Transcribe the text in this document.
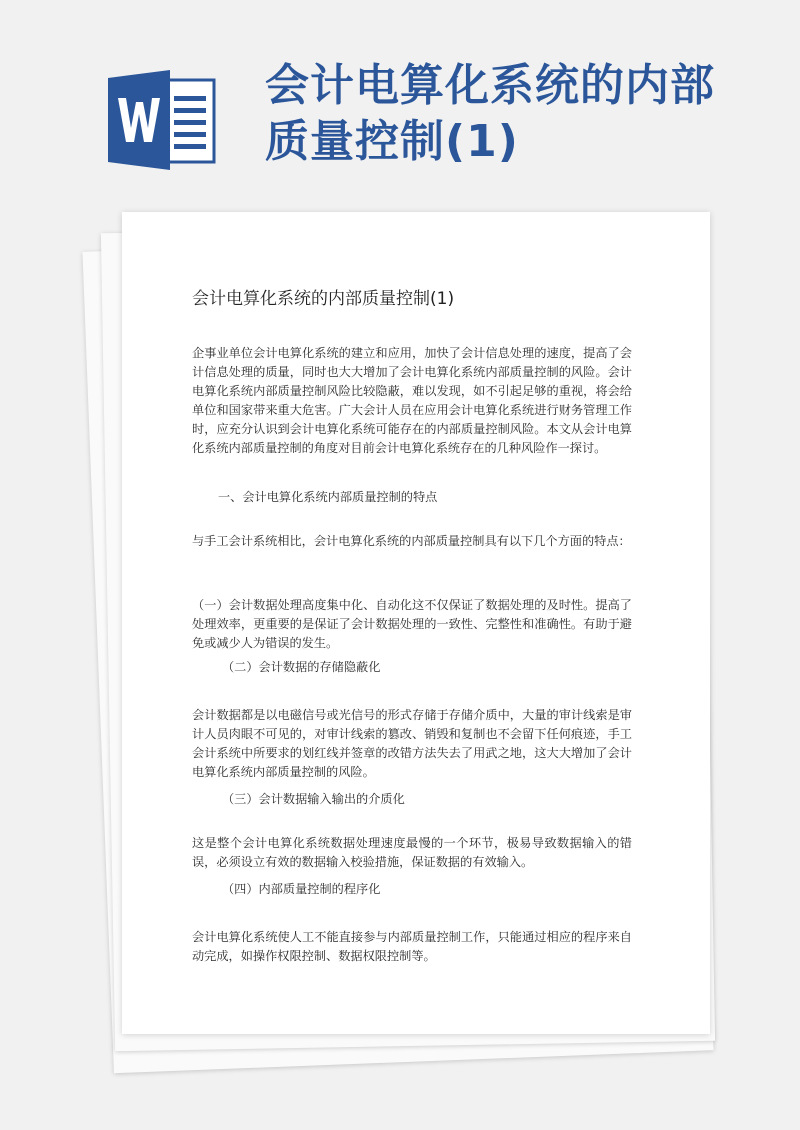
会计电算化系统的内部
质量控制(1)
会计电算化系统的内部质量控制(1)

企事业单位会计电算化系统的建立和应用，加快了会计信息处理的速度，提高了会计信息处理的质量，同时也大大增加了会计电算化系统内部质量控制的风险。会计电算化系统内部质量控制风险比较隐蔽，难以发现，如不引起足够的重视，将会给单位和国家带来重大危害。广大会计人员在应用会计电算化系统进行财务管理工作时，应充分认识到会计电算化系统可能存在的内部质量控制风险。本文从会计电算化系统内部质量控制的角度对目前会计电算化系统存在的几种风险作一探讨。

一、会计电算化系统内部质量控制的特点

与手工会计系统相比，会计电算化系统的内部质量控制具有以下几个方面的特点：

（一）会计数据处理高度集中化、自动化这不仅保证了数据处理的及时性。提高了处理效率，更重要的是保证了会计数据处理的一致性、完整性和准确性。有助于避免或减少人为错误的发生。

（二）会计数据的存储隐蔽化

会计数据都是以电磁信号或光信号的形式存储于存储介质中，大量的审计线索是审计人员肉眼不可见的，对审计线索的篡改、销毁和复制也不会留下任何痕迹，手工会计系统中所要求的划红线并签章的改错方法失去了用武之地，这大大增加了会计电算化系统内部质量控制的风险。

（三）会计数据输入输出的介质化

这是整个会计电算化系统数据处理速度最慢的一个环节，极易导致数据输入的错误，必须设立有效的数据输入校验措施，保证数据的有效输入。

（四）内部质量控制的程序化

会计电算化系统使人工不能直接参与内部质量控制工作，只能通过相应的程序来自动完成，如操作权限控制、数据权限控制等。
